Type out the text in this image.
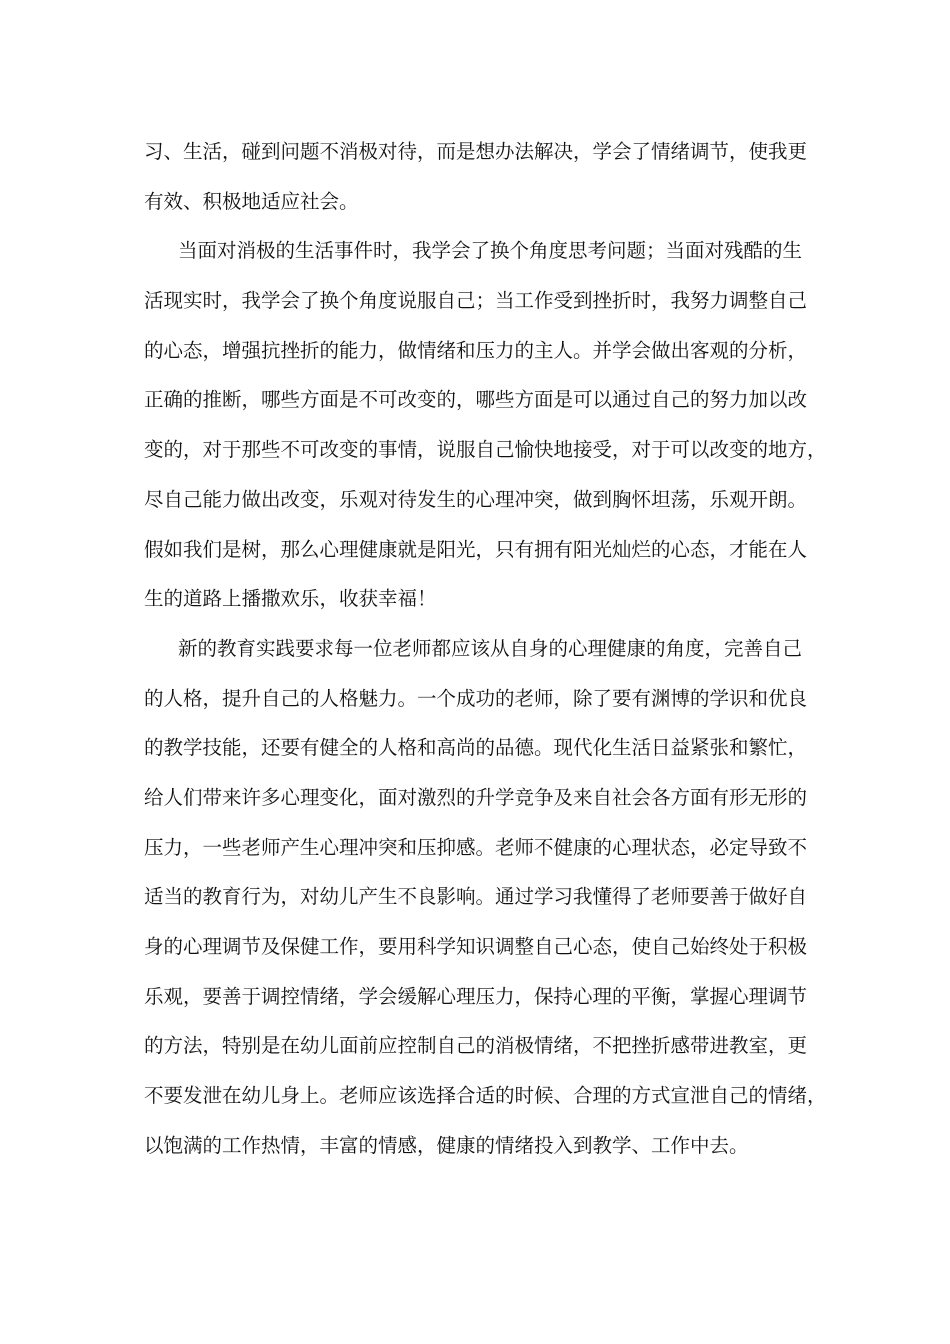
习、生活，碰到问题不消极对待，而是想办法解决，学会了情绪调节，使我更
有效、积极地适应社会。
当面对消极的生活事件时，我学会了换个角度思考问题；当面对残酷的生
活现实时，我学会了换个角度说服自己；当工作受到挫折时，我努力调整自己
的心态，增强抗挫折的能力，做情绪和压力的主人。并学会做出客观的分析，
正确的推断，哪些方面是不可改变的，哪些方面是可以通过自己的努力加以改
变的，对于那些不可改变的事情，说服自己愉快地接受，对于可以改变的地方，
尽自己能力做出改变，乐观对待发生的心理冲突，做到胸怀坦荡，乐观开朗。
假如我们是树，那么心理健康就是阳光，只有拥有阳光灿烂的心态，才能在人
生的道路上播撒欢乐，收获幸福！
新的教育实践要求每一位老师都应该从自身的心理健康的角度，完善自己
的人格，提升自己的人格魅力。一个成功的老师，除了要有渊博的学识和优良
的教学技能，还要有健全的人格和高尚的品德。现代化生活日益紧张和繁忙，
给人们带来许多心理变化，面对激烈的升学竞争及来自社会各方面有形无形的
压力，一些老师产生心理冲突和压抑感。老师不健康的心理状态，必定导致不
适当的教育行为，对幼儿产生不良影响。通过学习我懂得了老师要善于做好自
身的心理调节及保健工作，要用科学知识调整自己心态，使自己始终处于积极
乐观，要善于调控情绪，学会缓解心理压力，保持心理的平衡，掌握心理调节
的方法，特别是在幼儿面前应控制自己的消极情绪，不把挫折感带进教室，更
不要发泄在幼儿身上。老师应该选择合适的时候、合理的方式宣泄自己的情绪，
以饱满的工作热情，丰富的情感，健康的情绪投入到教学、工作中去。
